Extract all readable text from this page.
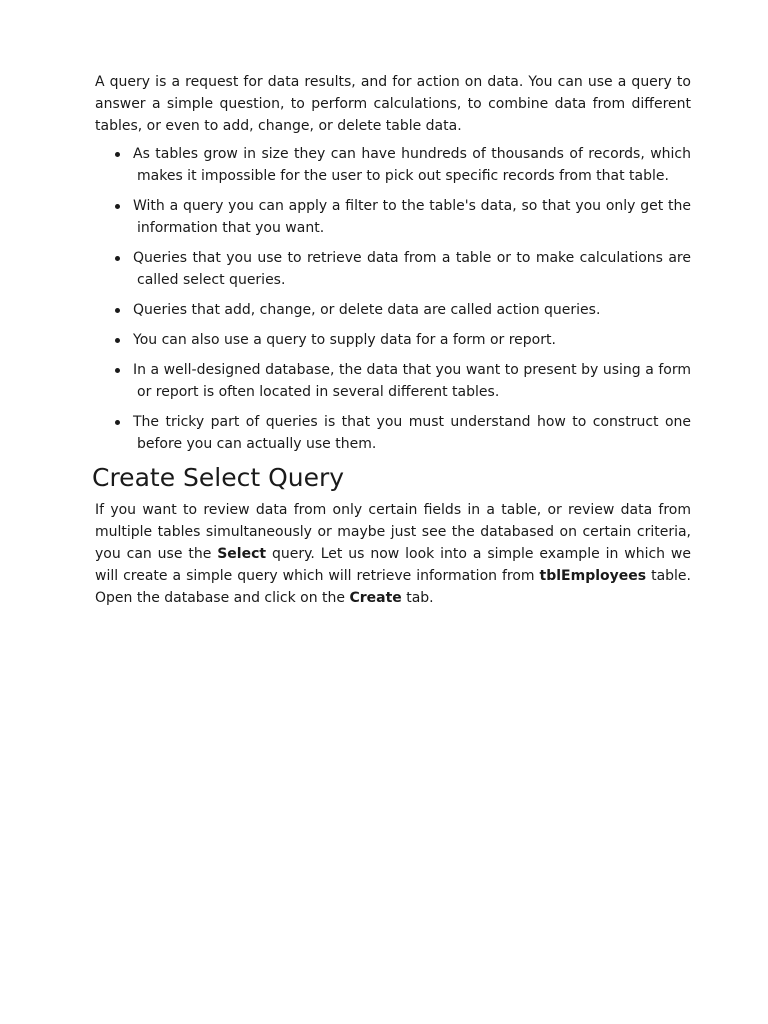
A query is a request for data results, and for action on data. You can use a query to answer a simple question, to perform calculations, to combine data from different tables, or even to add, change, or delete table data.

As tables grow in size they can have hundreds of thousands of records, which makes it impossible for the user to pick out specific records from that table.
With a query you can apply a filter to the table's data, so that you only get the information that you want.
Queries that you use to retrieve data from a table or to make calculations are called select queries.
Queries that add, change, or delete data are called action queries.
You can also use a query to supply data for a form or report.
In a well-designed database, the data that you want to present by using a form or report is often located in several different tables.
The tricky part of queries is that you must understand how to construct one before you can actually use them.
Create Select Query

If you want to review data from only certain fields in a table, or review data from multiple tables simultaneously or maybe just see the databased on certain criteria, you can use the Select query. Let us now look into a simple example in which we will create a simple query which will retrieve information from tblEmployees table. Open the database and click on the Create tab.
